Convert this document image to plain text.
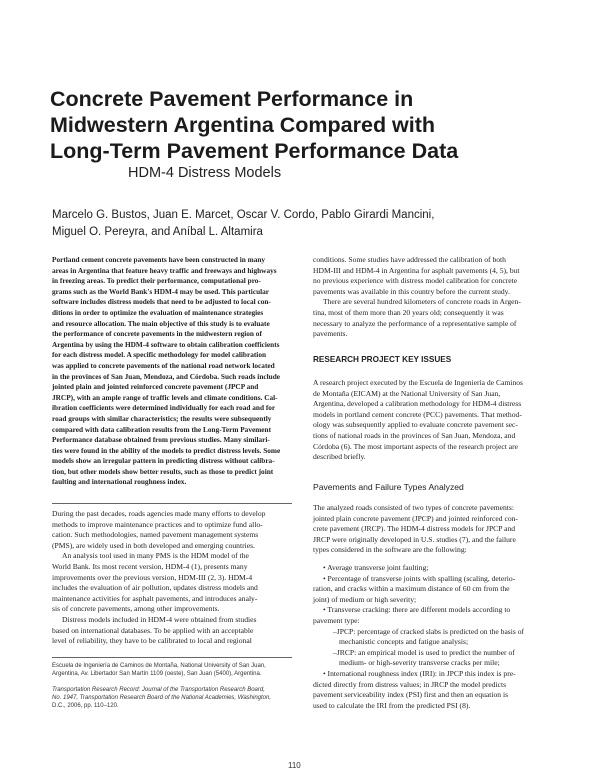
Concrete Pavement Performance in
Midwestern Argentina Compared with
Long-Term Pavement Performance Data
HDM-4 Distress Models
Marcelo G. Bustos, Juan E. Marcet, Oscar V. Cordo, Pablo Girardi Mancini,
Miguel O. Pereyra, and Aníbal L. Altamira
Portland cement concrete pavements have been constructed in many
areas in Argentina that feature heavy traffic and freeways and highways
in freezing areas. To predict their performance, computational pro-
grams such as the World Bank's HDM-4 may be used. This particular
software includes distress models that need to be adjusted to local con-
ditions in order to optimize the evaluation of maintenance strategies
and resource allocation. The main objective of this study is to evaluate
the performance of concrete pavements in the midwestern region of
Argentina by using the HDM-4 software to obtain calibration coefficients
for each distress model. A specific methodology for model calibration
was applied to concrete pavements of the national road network located
in the provinces of San Juan, Mendoza, and Córdoba. Such roads include
jointed plain and jointed reinforced concrete pavement (JPCP and
JRCP), with an ample range of traffic levels and climate conditions. Cal-
ibration coefficients were determined individually for each road and for
road groups with similar characteristics; the results were subsequently
compared with data calibration results from the Long-Term Pavement
Performance database obtained from previous studies. Many similari-
ties were found in the ability of the models to predict distress levels. Some
models show an irregular pattern in predicting distress without calibra-
tion, but other models show better results, such as those to predict joint
faulting and international roughness index.
During the past decades, roads agencies made many efforts to develop
methods to improve maintenance practices and to optimize fund allo-
cation. Such methodologies, named pavement management systems
(PMS), are widely used in both developed and emerging countries.
An analysis tool used in many PMS is the HDM model of the
World Bank. Its most recent version, HDM-4 (1), presents many
improvements over the previous version, HDM-III (2, 3). HDM-4
includes the evaluation of air pollution, updates distress models and
maintenance activities for asphalt pavements, and introduces analy-
sis of concrete pavements, among other improvements.
Distress models included in HDM-4 were obtained from studies
based on international databases. To be applied with an acceptable
level of reliability, they have to be calibrated to local and regional
Escuela de Ingeniería de Caminos de Montaña, National University of San Juan,
Argentina, Av. Libertador San Martín 1109 (oeste), San Juan (5400), Argentina.
Transportation Research Record: Journal of the Transportation Research Board,
No. 1947, Transportation Research Board of the National Academies, Washington,
D.C., 2006, pp. 110–120.
conditions. Some studies have addressed the calibration of both
HDM-III and HDM-4 in Argentina for asphalt pavements (4, 5), but
no previous experience with distress model calibration for concrete
pavements was available in this country before the current study.
There are several hundred kilometers of concrete roads in Argen-
tina, most of them more than 20 years old; consequently it was
necessary to analyze the performance of a representative sample of
pavements.
RESEARCH PROJECT KEY ISSUES
A research project executed by the Escuela de Ingeniería de Caminos
de Montaña (EICAM) at the National University of San Juan,
Argentina, developed a calibration methodology for HDM-4 distress
models in portland cement concrete (PCC) pavements. That method-
ology was subsequently applied to evaluate concrete pavement sec-
tions of national roads in the provinces of San Juan, Mendoza, and
Córdoba (6). The most important aspects of the research project are
described briefly.
Pavements and Failure Types Analyzed
The analyzed roads consisted of two types of concrete pavements:
jointed plain concrete pavement (JPCP) and jointed reinforced con-
crete pavement (JRCP). The HDM-4 distress models for JPCP and
JRCP were originally developed in U.S. studies (7), and the failure
types considered in the software are the following:
• Average transverse joint faulting;
• Percentage of transverse joints with spalling (scaling, deterio-
ration, and cracks within a maximum distance of 60 cm from the
joint) of medium or high severity;
• Transverse cracking: there are different models according to
pavement type:
–JPCP: percentage of cracked slabs is predicted on the basis of
mechanistic concepts and fatigue analysis;
–JRCP: an empirical model is used to predict the number of
medium- or high-severity transverse cracks per mile;
• International roughness index (IRI): in JPCP this index is pre-
dicted directly from distress values; in JRCP the model predicts
pavement serviceability index (PSI) first and then an equation is
used to calculate the IRI from the predicted PSI (8).
110
